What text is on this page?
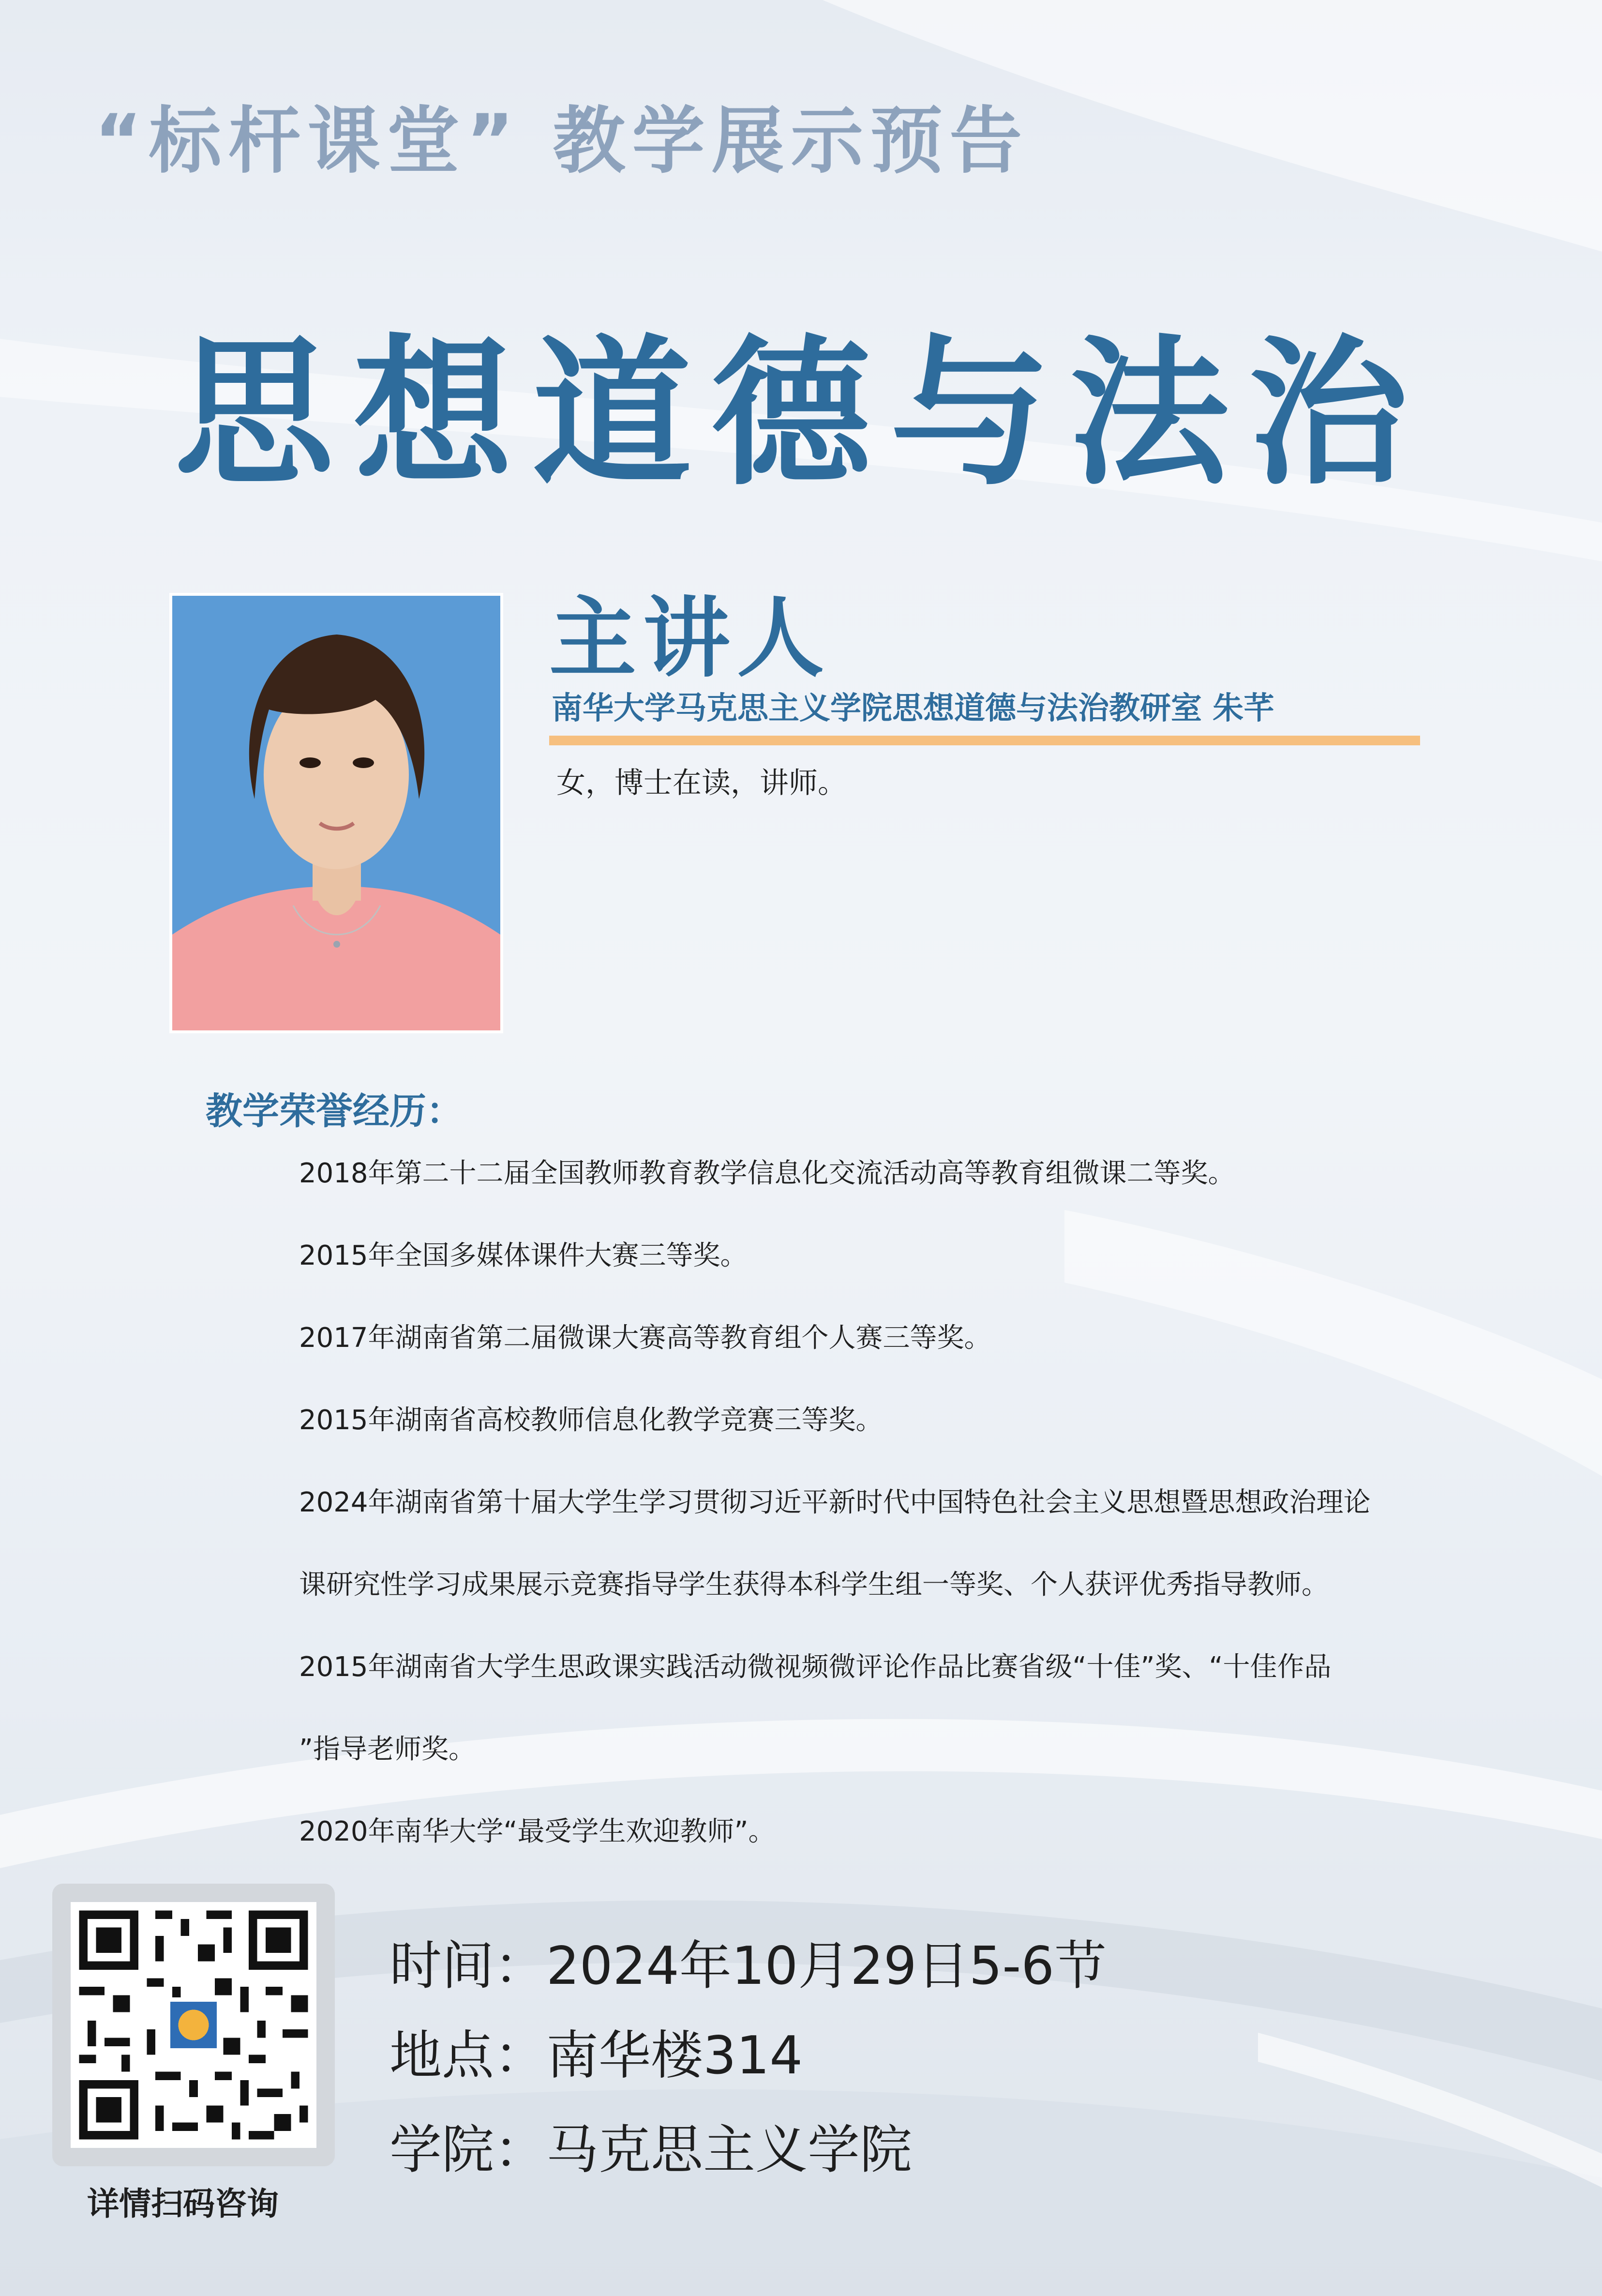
“标杆课堂” 教学展示预告
思想道德与法治
主讲人
南华大学马克思主义学院思想道德与法治教研室 朱芊
女，博士在读，讲师。
教学荣誉经历：
2018年第二十二届全国教师教育教学信息化交流活动高等教育组微课二等奖。
2015年全国多媒体课件大赛三等奖。
2017年湖南省第二届微课大赛高等教育组个人赛三等奖。
2015年湖南省高校教师信息化教学竞赛三等奖。
2024年湖南省第十届大学生学习贯彻习近平新时代中国特色社会主义思想暨思想政治理论
课研究性学习成果展示竞赛指导学生获得本科学生组一等奖、个人获评优秀指导教师。
2015年湖南省大学生思政课实践活动微视频微评论作品比赛省级“十佳”奖、“十佳作品
”指导老师奖。
2020年南华大学“最受学生欢迎教师”。
详情扫码咨询
时间：2024年10月29日5-6节
地点：南华楼314
学院：马克思主义学院
